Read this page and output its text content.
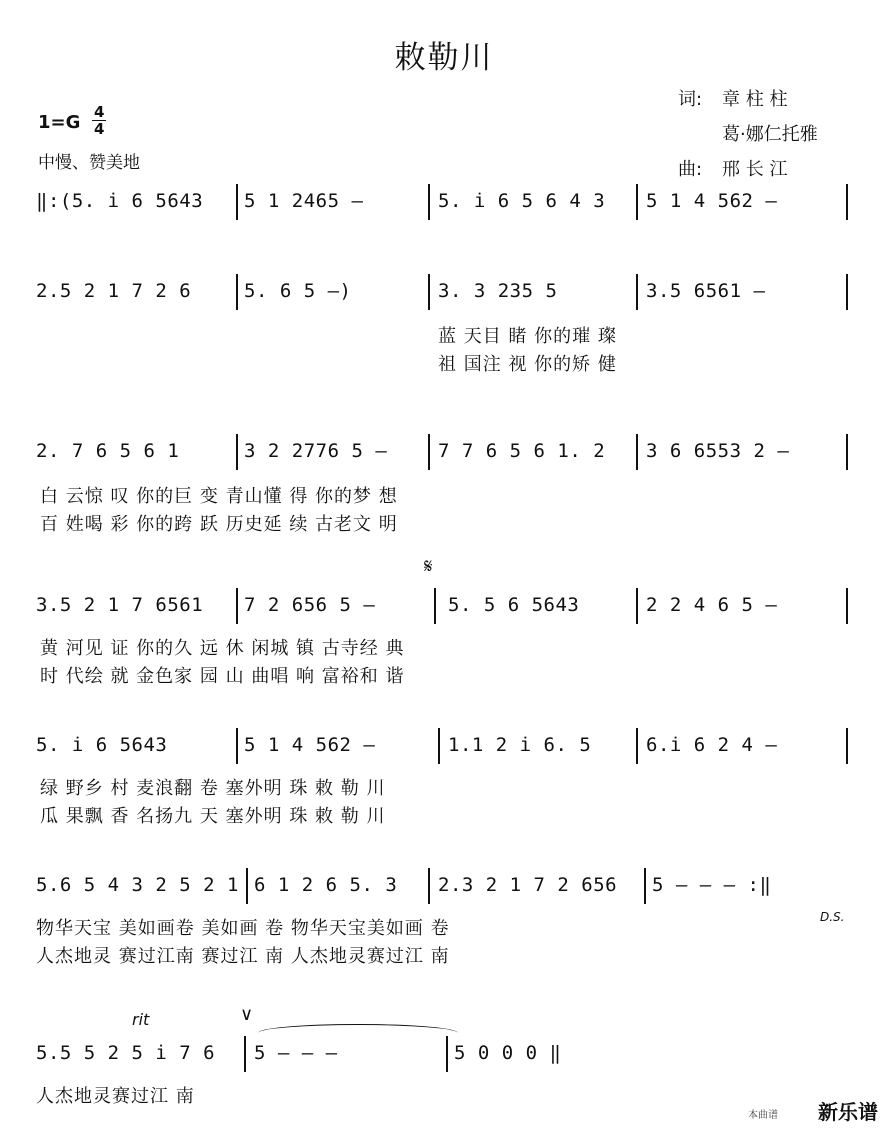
敕勒川
词: 章 柱 柱
葛·娜仁托雅
曲: 邢 长 江
1=G 4
4
中慢、赞美地
𝄋
D.S.
rit
‖:(5. i̇ 6 5643 5 1 2465 –	5. i̇ 6 5 6 4 3 5 1 4 562 –
2.5 2 1 7 2 6	5. 6 5 –)	3. 3 235 5	3.5 6561 –
蓝 天目 睹 你的璀 璨
祖 国注 视 你的矫 健
2. 7 6 5 6 1	3 2 2776 5 –	7 7 6 5 6 1. 2 3 6 6553 2 –
白 云惊 叹 你的巨 变 青山懂 得 你的梦 想
百 姓喝 彩 你的跨 跃 历史延 续 古老文 明
3.5 2 1 7 6561 7 2 656 5 –	5. 5 6 5643	2 2 4 6 5 –
黄 河见 证 你的久 远 休 闲城 镇 古寺经 典
时 代绘 就 金色家 园 山 曲唱 响 富裕和 谐
5. i̇ 6 5643	5 1 4 562 –	1.1 2 i̇ 6. 5	6.i̇ 6 2 4 –
绿 野乡 村 麦浪翻 卷 塞外明 珠 敕 勒 川
瓜 果飘 香 名扬九 天 塞外明 珠 敕 勒 川
5.6 5 4 3 2 5 2 1 6 1 2 6 5. 3 2.3 2 1 7 2 656 5 – – – :‖
物华天宝 美如画卷 美如画 卷 物华天宝美如画 卷
人杰地灵 赛过江南 赛过江 南 人杰地灵赛过江 南
∨
5.5 5 2 5 i̇ 7 6 5 – – –	5 0 0 0 ‖
人杰地灵赛过江 南
本曲谱 新乐谱
